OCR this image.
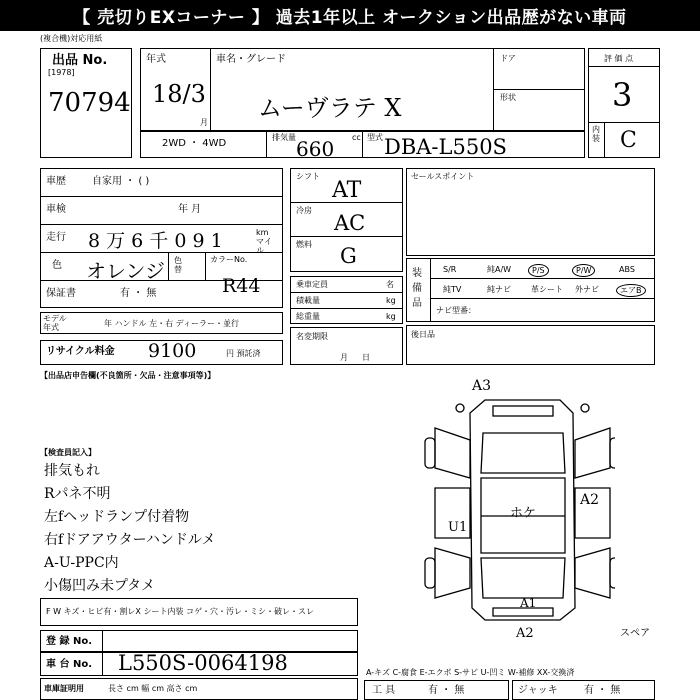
【 売切りEXコーナー 】 過去1年以上 オークション出品歴がない車両
(複合機)対応用紙
出品 No.
[1978]
70794
年式
18/3
月
車名・グレード
ムーヴラテ X
ドア
形状
2WD ・ 4WD
排気量	cc
660	型式 DBA-L550S
評 価 点
3
内装 C
車歴	自家用 ・ ( )
車検	年 月
走行 8 万 6 千 0 9 1	km マイル
色 オレンジ 色替
カラーNo.
R44
保証書	有 ・ 無
モデル年式	年 ハンドル 左・右 ディーラー・並行
リサイクル料金 9100	円 預託済
【出品店申告欄(不良箇所・欠品・注意事項等)】
シフト
AT
冷房
AC
燃料 G
乗車定員	名
積載量	kg
総重量	kg
名変期限
月日
セールスポイント
装備品
S/R	純A/W	P/S	P/W	ABS
純TV	純ナビ	革シート	外ナビ	エアB
ナビ型番：
後日品
【検査員記入】
排気もれ
Rパネ不明
左fヘッドランプ付着物
右fドアアウターハンドルメ
A-U-PPC内
小傷凹み未プタメ
A3
A2
U1
ホケ
A1
A2	スペア
F W キズ・ヒビ有・割レX シート内装 コゲ・穴・汚レ・ミシ・破レ・スレ
登 録 No.
車 台 No. L550S-0064198
車庫証明用	長さ cm 幅 cm 高さ cm
A-キズ C-腐食 E-エクボ S-サビ U-凹ミ W-補修 XX-交換済
工 具	有 ・ 無	ジャッキ	有 ・ 無
